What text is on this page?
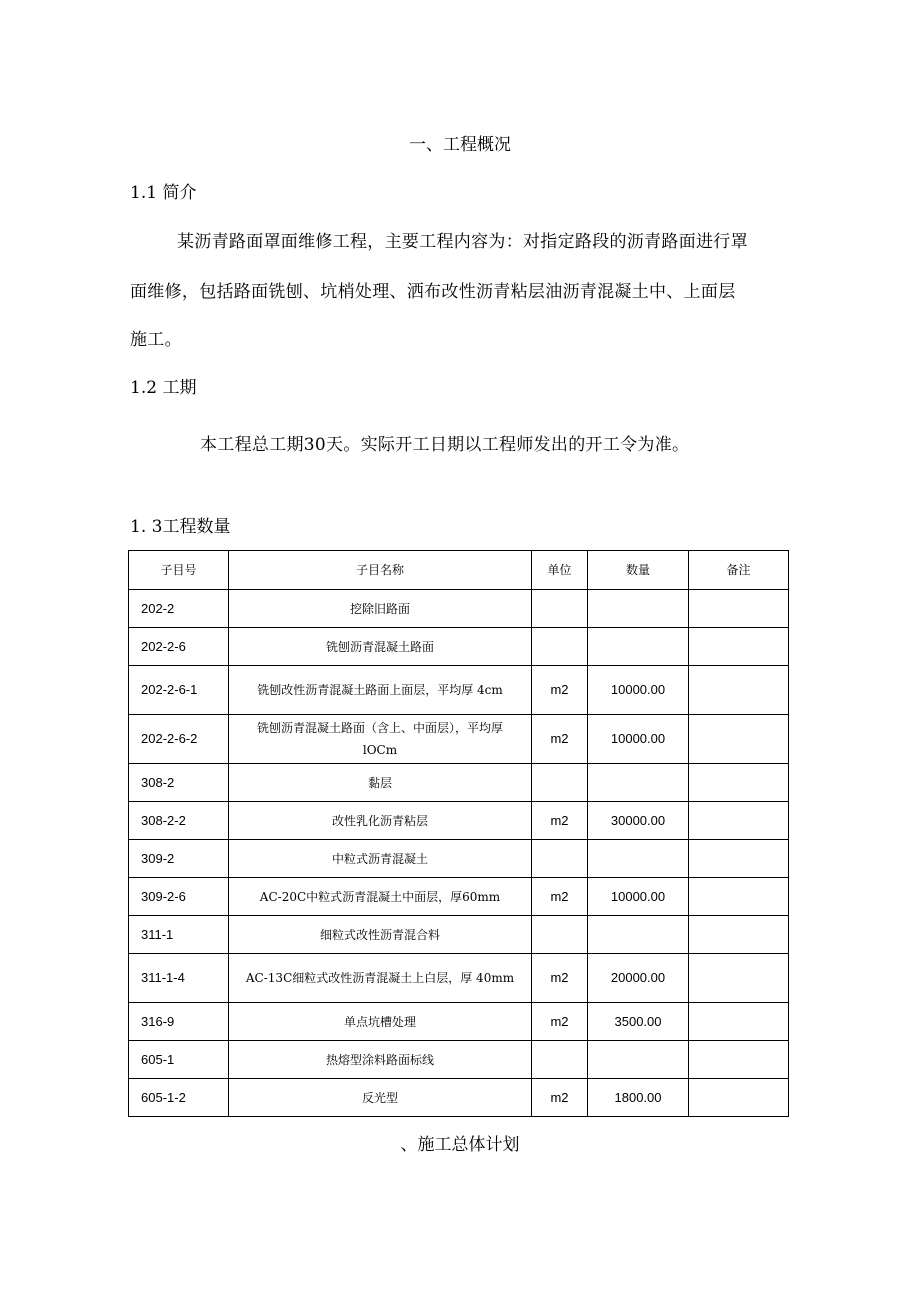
一、工程概况
1.1 简介
某沥青路面罩面维修工程，主要工程内容为：对指定路段的沥青路面进行罩
面维修，包括路面铣刨、坑梢处理、洒布改性沥青粘层油沥青混凝土中、上面层
施工。
1.2 工期
本工程总工期30天。实际开工日期以工程师发出的开工令为准。
1. 3工程数量
子目号	子目名称	单位	数量	备注
202-2	挖除旧路面			
202-2-6	铣刨沥青混凝土路面			
202-2-6-1	铣刨改性沥青混凝土路面上面层，平均厚 4cm	m2	10000.00	
202-2-6-2	铣刨沥青混凝土路面（含上、中面层），平均厚 lOCm	m2	10000.00	
308-2	黏层			
308-2-2	改性乳化沥青粘层	m2	30000.00	
309-2	中粒式沥青混凝土			
309-2-6	AC-20C中粒式沥青混凝土中面层，厚60mm	m2	10000.00	
311-1	细粒式改性沥青混合料			
311-1-4	AC-13C细粒式改性沥青混凝土上白层，厚 40mm	m2	20000.00	
316-9	单点坑槽处理	m2	3500.00	
605-1	热熔型涂料路面标线			
605-1-2	反光型	m2	1800.00	
、施工总体计划
